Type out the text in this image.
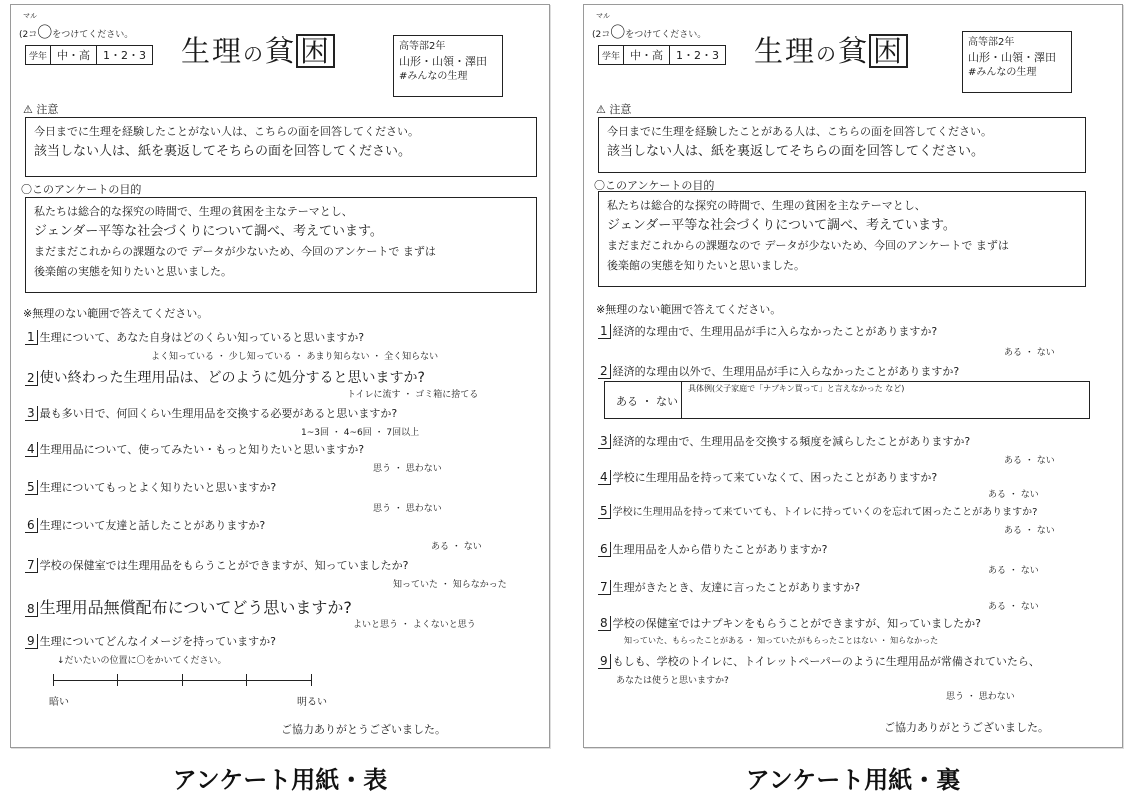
マル
(2コ〇をつけてください。
学年 中・高	1・2・3 生理の貧 困	高等部2年
山形・山領・澤田
#みんなの生理
⚠ 注意
今日までに生理を経験したことがない人は、こちらの面を回答してください。
該当しない人は、紙を裏返してそちらの面を回答してください。
〇このアンケートの目的
私たちは総合的な探究の時間で、生理の貧困を主なテーマとし、
ジェンダー平等な社会づくりについて調べ、考えています。
まだまだこれからの課題なので データが少ないため、今回のアンケートで まずは
後楽館の実態を知りたいと思いました。
※無理のない範囲で答えてください。
1 生理について、あなた自身はどのくらい知っていると思いますか?
よく知っている ・ 少し知っている ・ あまり知らない ・ 全く知らない
2 使い終わった生理用品は、どのように処分すると思いますか?
トイレに流す ・ ゴミ箱に捨てる
3 最も多い日で、何回くらい生理用品を交換する必要があると思いますか?
1~3回 ・ 4~6回 ・ 7回以上
4 生理用品について、使ってみたい・もっと知りたいと思いますか?
思う ・ 思わない
5 生理についてもっとよく知りたいと思いますか?
思う ・ 思わない
6 生理について友達と話したことがありますか?
ある ・ ない
7 学校の保健室では生理用品をもらうことができますが、知っていましたか?
知っていた ・ 知らなかった
8 生理用品無償配布についてどう思いますか?
よいと思う ・ よくないと思う
9 生理についてどんなイメージを持っていますか?
↓だいたいの位置に〇をかいてください。
暗い	明るい
ご協力ありがとうございました。
マル
(2コ〇をつけてください。
学年 中・高	1・2・3 生理の貧 困	高等部2年
山形・山領・澤田
#みんなの生理
⚠ 注意
今日までに生理を経験したことがある人は、こちらの面を回答してください。
該当しない人は、紙を裏返してそちらの面を回答してください。
〇このアンケートの目的
私たちは総合的な探究の時間で、生理の貧困を主なテーマとし、
ジェンダー平等な社会づくりについて調べ、考えています。
まだまだこれからの課題なので データが少ないため、今回のアンケートで まずは
後楽館の実態を知りたいと思いました。
※無理のない範囲で答えてください。
1 経済的な理由で、生理用品が手に入らなかったことがありますか?
ある ・ ない
2 経済的な理由以外で、生理用品が手に入らなかったことがありますか?
ある ・ ない
具体例(父子家庭で「ナプキン買って」と言えなかった など)
3 経済的な理由で、生理用品を交換する頻度を減らしたことがありますか?
ある ・ ない
4 学校に生理用品を持って来ていなくて、困ったことがありますか?
ある ・ ない
5 学校に生理用品を持って来ていても、トイレに持っていくのを忘れて困ったことがありますか?
ある ・ ない
6 生理用品を人から借りたことがありますか?
ある ・ ない
7 生理がきたとき、友達に言ったことがありますか?
ある ・ ない
8 学校の保健室ではナプキンをもらうことができますが、知っていましたか?
知っていた、もらったことがある ・ 知っていたがもらったことはない ・ 知らなかった
9 もしも、学校のトイレに、トイレットペーパーのように生理用品が常備されていたら、
あなたは使うと思いますか?
思う ・ 思わない
ご協力ありがとうございました。
アンケート用紙・表	アンケート用紙・裏
